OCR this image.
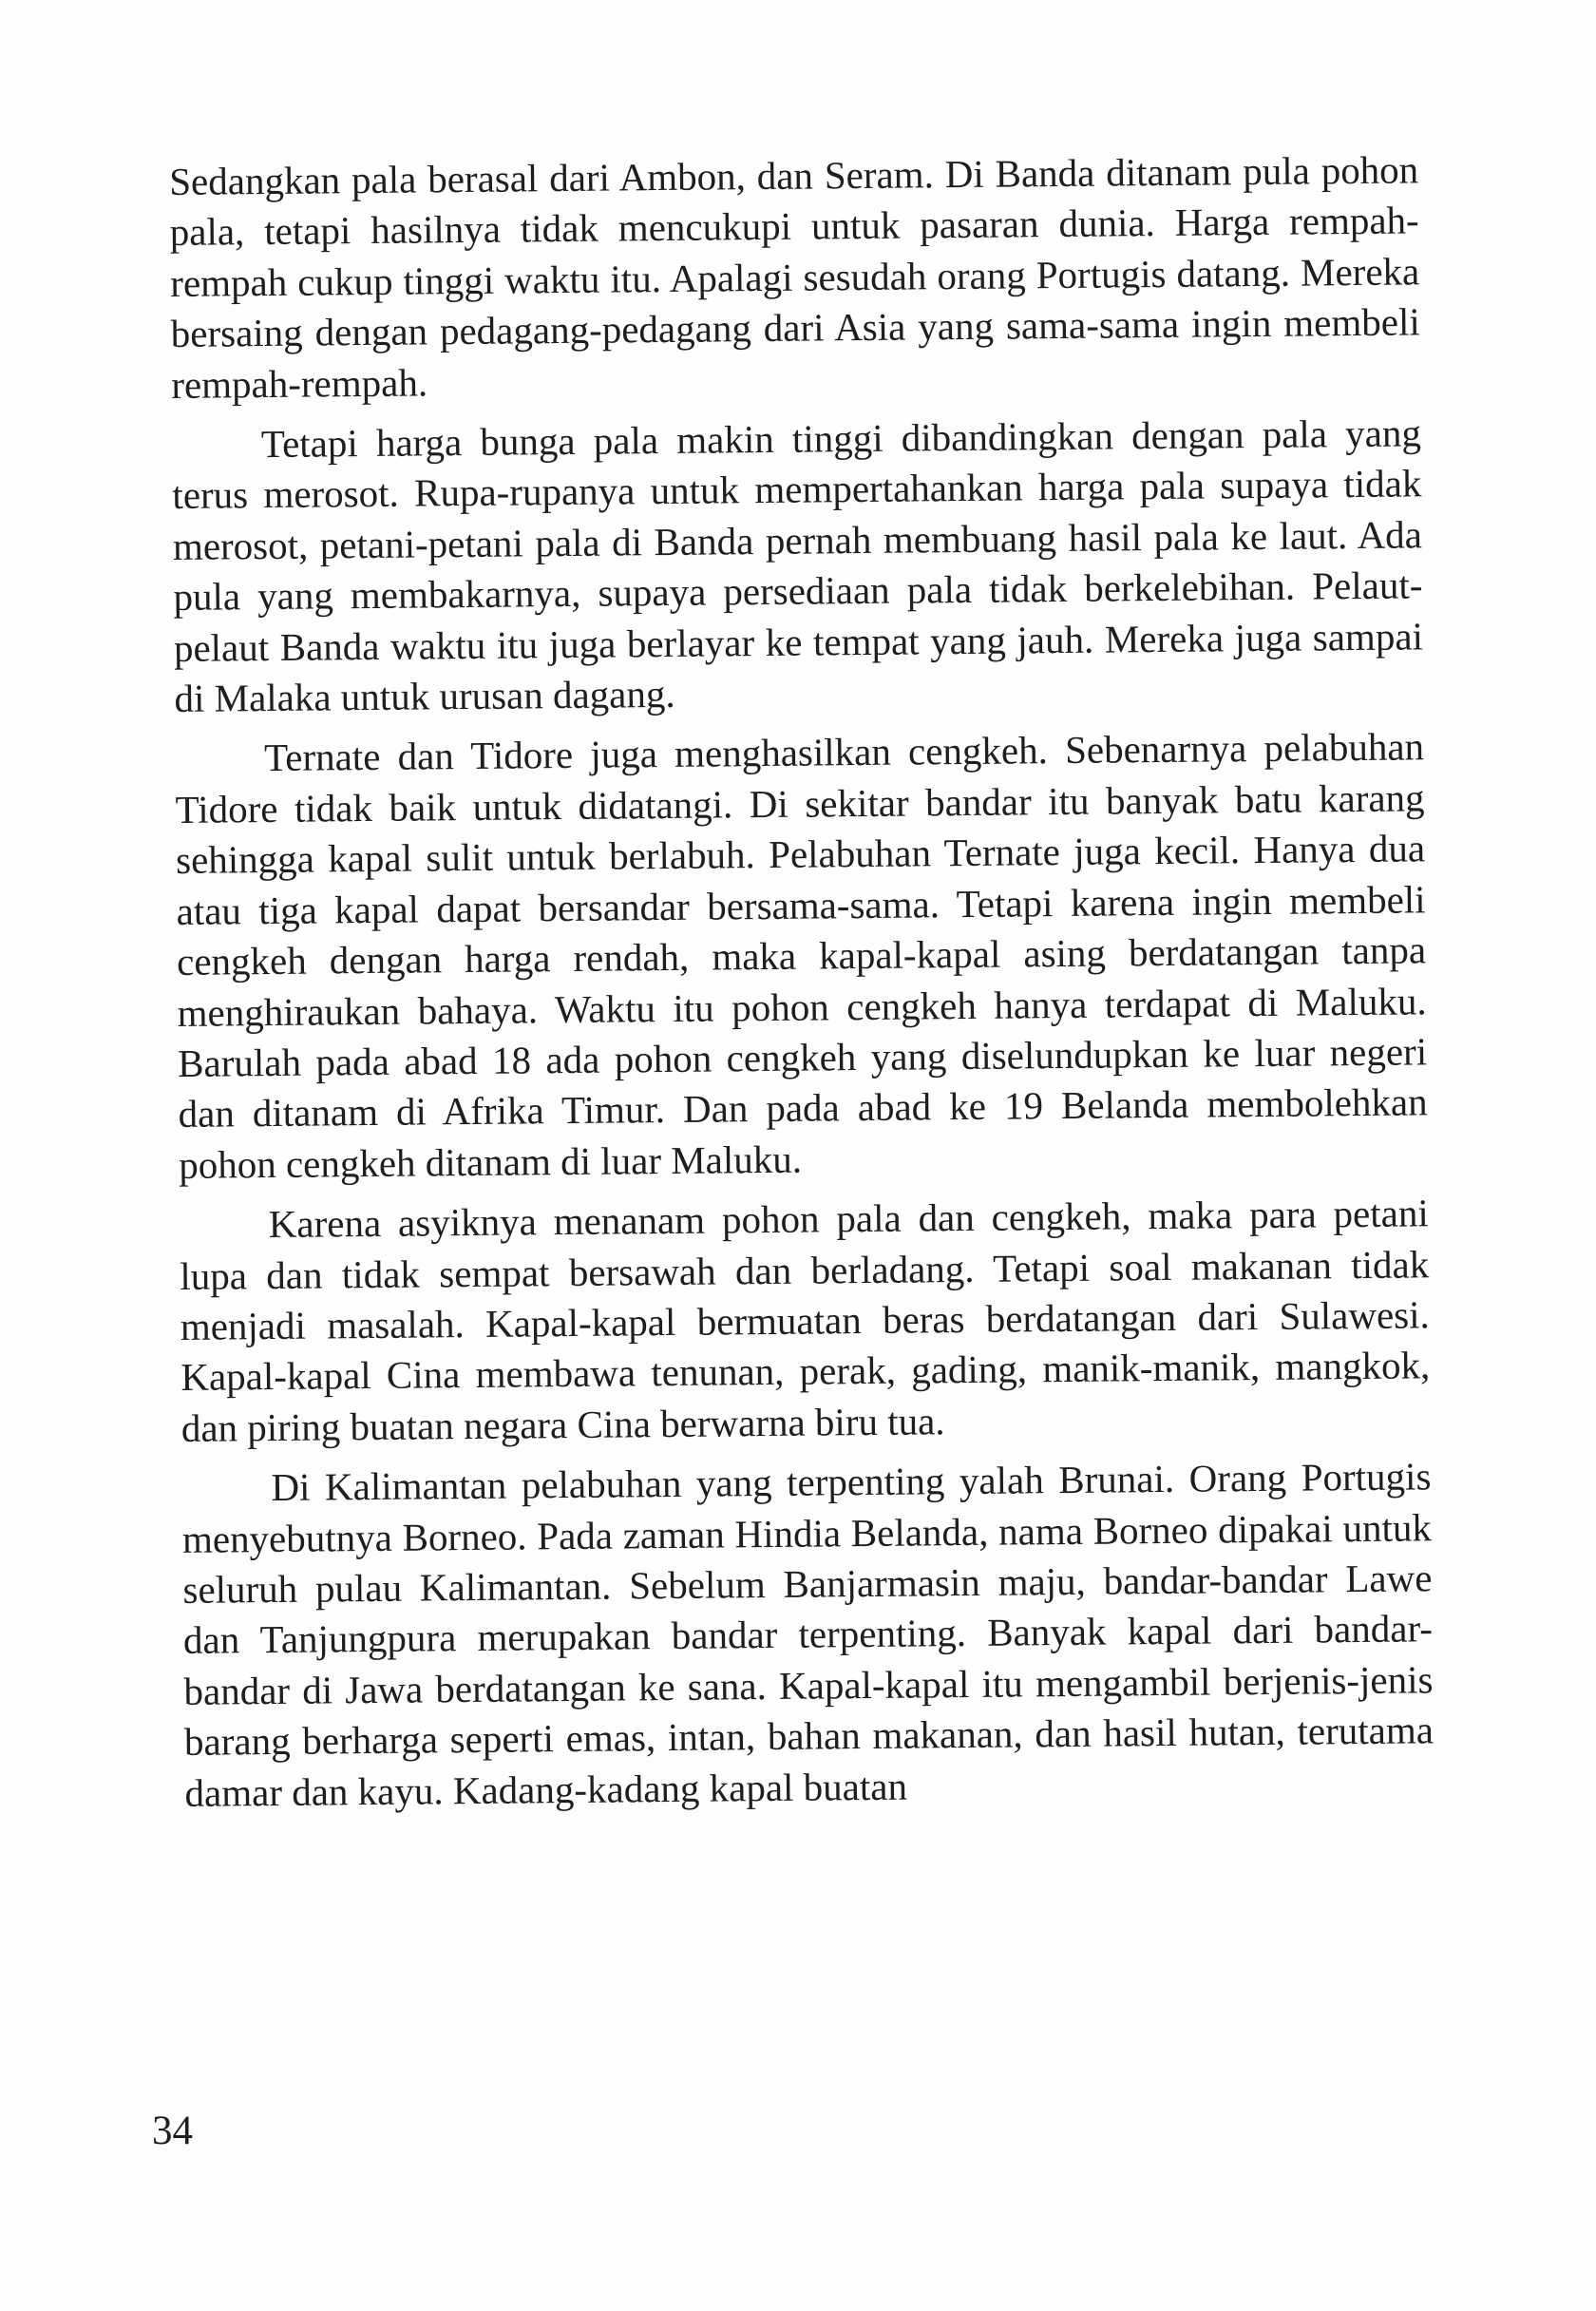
Sedangkan pala berasal dari Ambon, dan Seram. Di Banda ditanam pula pohon pala, tetapi hasilnya tidak mencukupi untuk pasaran dunia. Harga rempah-rempah cukup tinggi waktu itu. Apalagi sesudah orang Portugis datang. Mereka bersaing dengan pedagang-pedagang dari Asia yang sama-sama ingin membeli rempah-rempah.

Tetapi harga bunga pala makin tinggi dibandingkan dengan pala yang terus merosot. Rupa-rupanya untuk mempertahankan harga pala supaya tidak merosot, petani-petani pala di Banda pernah membuang hasil pala ke laut. Ada pula yang membakarnya, supaya persediaan pala tidak berkelebihan. Pelaut-pelaut Banda waktu itu juga berlayar ke tempat yang jauh. Mereka juga sampai di Malaka untuk urusan dagang.

Ternate dan Tidore juga menghasilkan cengkeh. Sebenarnya pelabuhan Tidore tidak baik untuk didatangi. Di sekitar bandar itu banyak batu karang sehingga kapal sulit untuk berlabuh. Pelabuhan Ternate juga kecil. Hanya dua atau tiga kapal dapat bersandar bersama-sama. Tetapi karena ingin membeli cengkeh dengan harga rendah, maka kapal-kapal asing berdatangan tanpa menghiraukan bahaya. Waktu itu pohon cengkeh hanya terdapat di Maluku. Barulah pada abad 18 ada pohon cengkeh yang diselundupkan ke luar negeri dan ditanam di Afrika Timur. Dan pada abad ke 19 Belanda membolehkan pohon cengkeh ditanam di luar Maluku.

Karena asyiknya menanam pohon pala dan cengkeh, maka para petani lupa dan tidak sempat bersawah dan berladang. Tetapi soal makanan tidak menjadi masalah. Kapal-kapal bermuatan beras berdatangan dari Sulawesi. Kapal-kapal Cina membawa tenunan, perak, gading, manik-manik, mangkok, dan piring buatan negara Cina berwarna biru tua.

Di Kalimantan pelabuhan yang terpenting yalah Brunai. Orang Portugis menyebutnya Borneo. Pada zaman Hindia Belanda, nama Borneo dipakai untuk seluruh pulau Kalimantan. Sebelum Banjarmasin maju, bandar-bandar Lawe dan Tanjungpura merupakan bandar terpenting. Banyak kapal dari bandar-bandar di Jawa berdatangan ke sana. Kapal-kapal itu mengambil berjenis-jenis barang berharga seperti emas, intan, bahan makanan, dan hasil hutan, terutama damar dan kayu. Kadang-kadang kapal buatan

34
